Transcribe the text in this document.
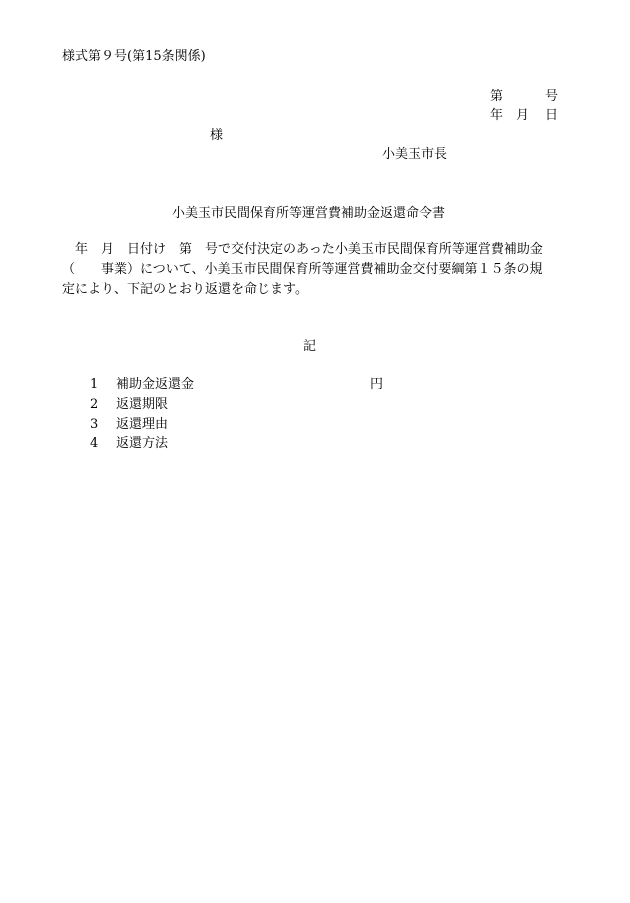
様式第９号(第15条関係)
第	号
年 月 日
様
小美玉市長
小美玉市民間保育所等運営費補助金返還命令書
　年　月　日付け　第　号で交付決定のあった小美玉市民間保育所等運営費補助金
（　　事業）について、小美玉市民間保育所等運営費補助金交付要綱第１５条の規
定により、下記のとおり返還を命じます。
記
1 補助金返還金
2 返還期限
3 返還理由
4 返還方法
円
